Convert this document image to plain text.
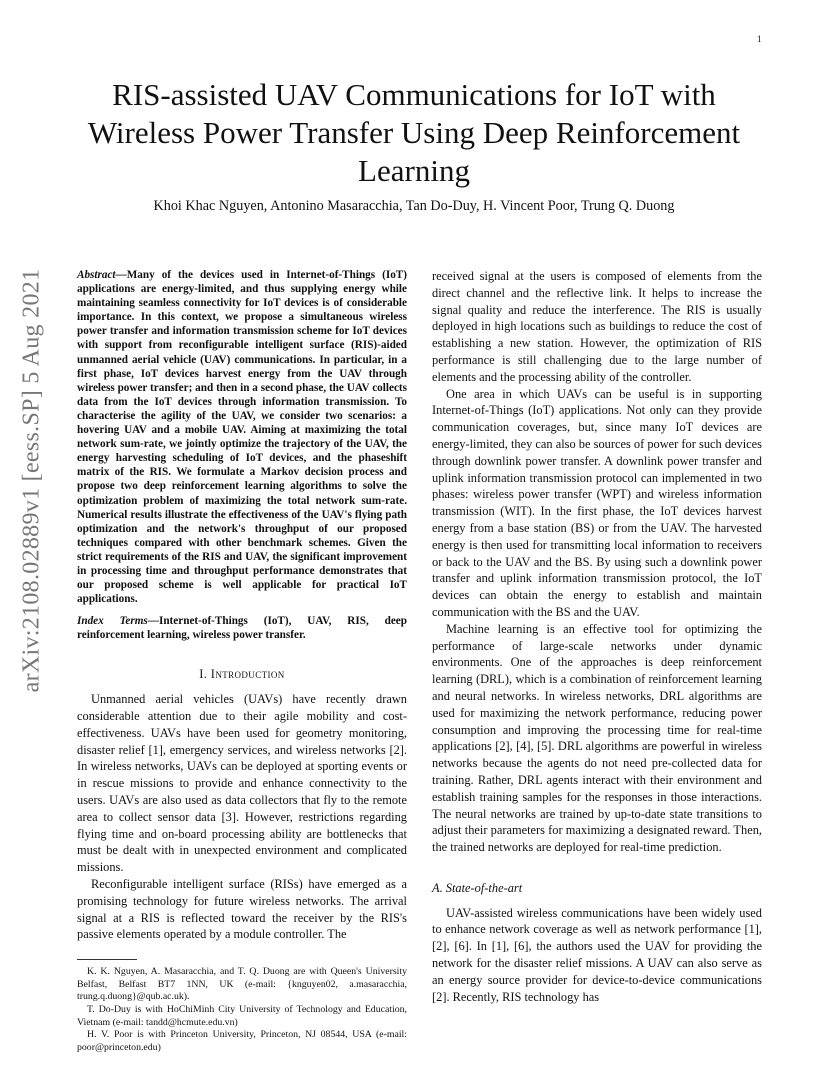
1
arXiv:2108.02889v1 [eess.SP] 5 Aug 2021
RIS-assisted UAV Communications for IoT with Wireless Power Transfer Using Deep Reinforcement Learning
Khoi Khac Nguyen, Antonino Masaracchia, Tan Do-Duy, H. Vincent Poor, Trung Q. Duong

Abstract—Many of the devices used in Internet-of-Things (IoT) applications are energy-limited, and thus supplying energy while maintaining seamless connectivity for IoT devices is of considerable importance. In this context, we propose a simultaneous wireless power transfer and information transmission scheme for IoT devices with support from reconfigurable intelligent surface (RIS)-aided unmanned aerial vehicle (UAV) communications. In particular, in a first phase, IoT devices harvest energy from the UAV through wireless power transfer; and then in a second phase, the UAV collects data from the IoT devices through information transmission. To characterise the agility of the UAV, we consider two scenarios: a hovering UAV and a mobile UAV. Aiming at maximizing the total network sum-rate, we jointly optimize the trajectory of the UAV, the energy harvesting scheduling of IoT devices, and the phaseshift matrix of the RIS. We formulate a Markov decision process and propose two deep reinforcement learning algorithms to solve the optimization problem of maximizing the total network sum-rate. Numerical results illustrate the effectiveness of the UAV's flying path optimization and the network's throughput of our proposed techniques compared with other benchmark schemes. Given the strict requirements of the RIS and UAV, the significant improvement in processing time and throughput performance demonstrates that our proposed scheme is well applicable for practical IoT applications.

Index Terms—Internet-of-Things (IoT), UAV, RIS, deep reinforcement learning, wireless power transfer.

I. Introduction

Unmanned aerial vehicles (UAVs) have recently drawn considerable attention due to their agile mobility and cost-effectiveness. UAVs have been used for geometry monitoring, disaster relief [1], emergency services, and wireless networks [2]. In wireless networks, UAVs can be deployed at sporting events or in rescue missions to provide and enhance connectivity to the users. UAVs are also used as data collectors that fly to the remote area to collect sensor data [3]. However, restrictions regarding flying time and on-board processing ability are bottlenecks that must be dealt with in unexpected environment and complicated missions.

Reconfigurable intelligent surface (RISs) have emerged as a promising technology for future wireless networks. The arrival signal at a RIS is reflected toward the receiver by the RIS's passive elements operated by a module controller. The

K. K. Nguyen, A. Masaracchia, and T. Q. Duong are with Queen's University Belfast, Belfast BT7 1NN, UK (e-mail: {knguyen02, a.masaracchia, trung.q.duong}@qub.ac.uk).

T. Do-Duy is with HoChiMinh City University of Technology and Education, Vietnam (e-mail: tandd@hcmute.edu.vn)

H. V. Poor is with Princeton University, Princeton, NJ 08544, USA (e-mail: poor@princeton.edu)

received signal at the users is composed of elements from the direct channel and the reflective link. It helps to increase the signal quality and reduce the interference. The RIS is usually deployed in high locations such as buildings to reduce the cost of establishing a new station. However, the optimization of RIS performance is still challenging due to the large number of elements and the processing ability of the controller.

One area in which UAVs can be useful is in supporting Internet-of-Things (IoT) applications. Not only can they provide communication coverages, but, since many IoT devices are energy-limited, they can also be sources of power for such devices through downlink power transfer. A downlink power transfer and uplink information transmission protocol can implemented in two phases: wireless power transfer (WPT) and wireless information transmission (WIT). In the first phase, the IoT devices harvest energy from a base station (BS) or from the UAV. The harvested energy is then used for transmitting local information to receivers or back to the UAV and the BS. By using such a downlink power transfer and uplink information transmission protocol, the IoT devices can obtain the energy to establish and maintain communication with the BS and the UAV.

Machine learning is an effective tool for optimizing the performance of large-scale networks under dynamic environments. One of the approaches is deep reinforcement learning (DRL), which is a combination of reinforcement learning and neural networks. In wireless networks, DRL algorithms are used for maximizing the network performance, reducing power consumption and improving the processing time for real-time applications [2], [4], [5]. DRL algorithms are powerful in wireless networks because the agents do not need pre-collected data for training. Rather, DRL agents interact with their environment and establish training samples for the responses in those interactions. The neural networks are trained by up-to-date state transitions to adjust their parameters for maximizing a designated reward. Then, the trained networks are deployed for real-time prediction.

A. State-of-the-art

UAV-assisted wireless communications have been widely used to enhance network coverage as well as network performance [1], [2], [6]. In [1], [6], the authors used the UAV for providing the network for the disaster relief missions. A UAV can also serve as an energy source provider for device-to-device communications [2]. Recently, RIS technology has
